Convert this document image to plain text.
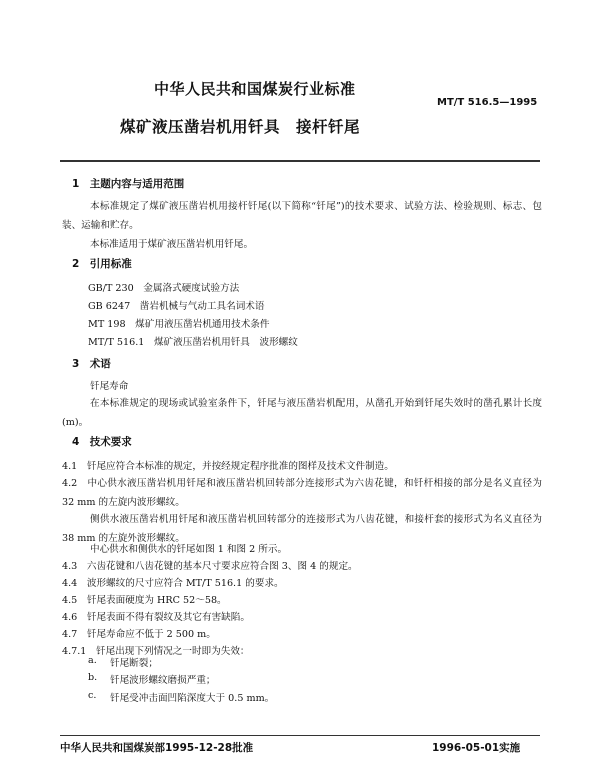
中华人民共和国煤炭行业标准
MT/T 516.5—1995
煤矿液压凿岩机用钎具　接杆钎尾
1　主题内容与适用范围
本标准规定了煤矿液压凿岩机用接杆钎尾(以下简称“钎尾”)的技术要求、试验方法、检验规则、标志、包装、运输和贮存。
本标准适用于煤矿液压凿岩机用钎尾。
2　引用标准
GB/T 230　金属洛式硬度试验方法
GB 6247　凿岩机械与气动工具名词术语
MT 198　煤矿用液压凿岩机通用技术条件
MT/T 516.1　煤矿液压凿岩机用钎具　波形螺纹
3　术语
钎尾寿命
在本标准规定的现场或试验室条件下，钎尾与液压凿岩机配用，从凿孔开始到钎尾失效时的凿孔累计长度(m)。
4　技术要求
4.1　钎尾应符合本标准的规定，并按经规定程序批准的图样及技术文件制造。
4.2　中心供水液压凿岩机用钎尾和液压凿岩机回转部分连接形式为六齿花键，和钎杆相接的部分是名义直径为 32 mm 的左旋内波形螺纹。
侧供水液压凿岩机用钎尾和液压凿岩机回转部分的连接形式为八齿花键，和接杆套的接形式为名义直径为 38 mm 的左旋外波形螺纹。
中心供水和侧供水的钎尾如图 1 和图 2 所示。
4.3　六齿花键和八齿花键的基本尺寸要求应符合图 3、图 4 的规定。
4.4　波形螺纹的尺寸应符合 MT/T 516.1 的要求。
4.5　钎尾表面硬度为 HRC 52～58。
4.6　钎尾表面不得有裂纹及其它有害缺陷。
4.7　钎尾寿命应不低于 2 500 m。
4.7.1　钎尾出现下列情况之一时即为失效：
a. 钎尾断裂；
b. 钎尾波形螺纹磨损严重；
c. 钎尾受冲击面凹陷深度大于 0.5 mm。
中华人民共和国煤炭部1995-12-28批准	1996-05-01实施
